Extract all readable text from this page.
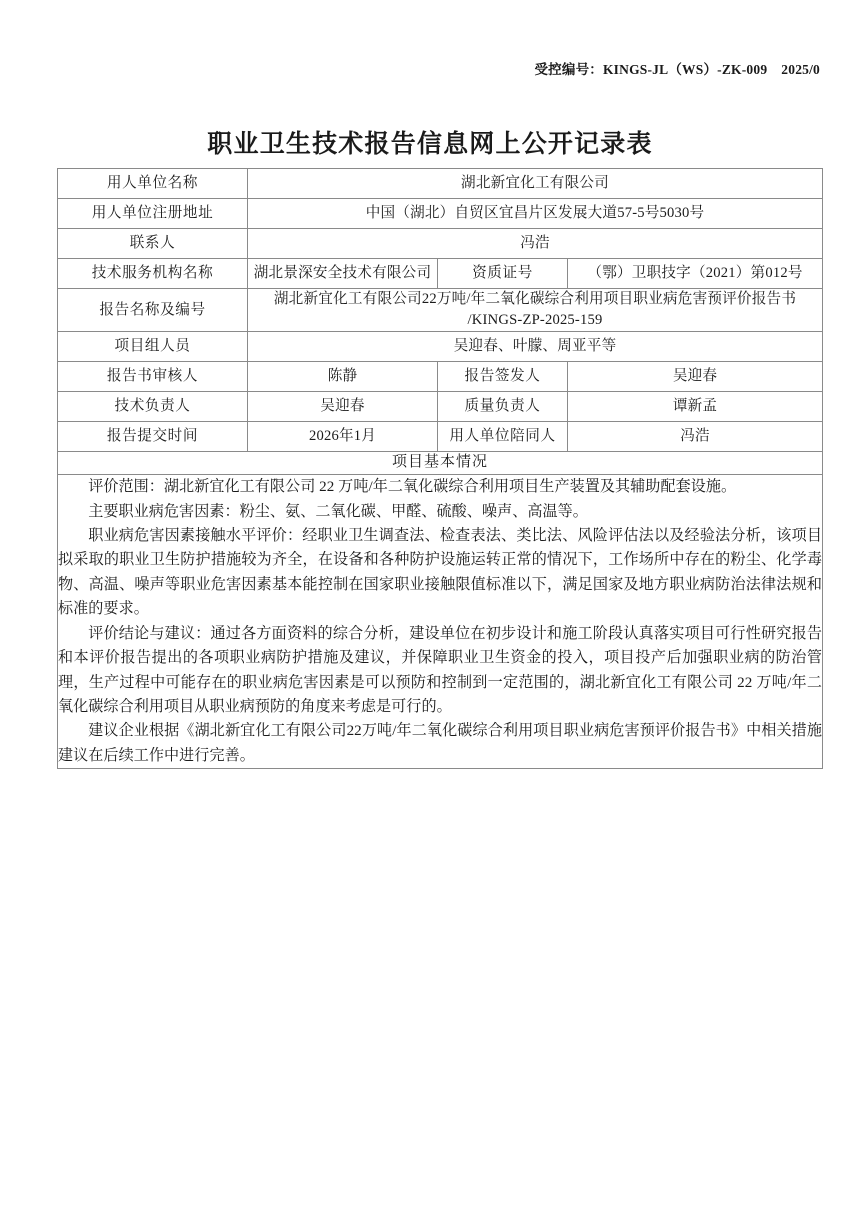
受控编号：KINGS-JL（WS）-ZK-009 2025/0
职业卫生技术报告信息网上公开记录表
用人单位名称	湖北新宜化工有限公司		
用人单位注册地址	中国（湖北）自贸区宜昌片区发展大道57-5号5030号		
联系人	冯浩		
技术服务机构名称	湖北景深安全技术有限公司	资质证号	（鄂）卫职技字（2021）第012号
报告名称及编号	湖北新宜化工有限公司22万吨/年二氧化碳综合利用项目职业病危害预评价报告书
/KINGS-ZP-2025-159		

项目组人员	吴迎春、叶朦、周亚平等		
报告书审核人	陈静	报告签发人	吴迎春
技术负责人	吴迎春	质量负责人	谭新孟
报告提交时间	2026年1月	用人单位陪同人	冯浩
项目基本情况			

评价范围：湖北新宜化工有限公司 22 万吨/年二氧化碳综合利用项目生产装置及其辅助配套设施。

主要职业病危害因素：粉尘、氨、二氧化碳、甲醛、硫酸、噪声、高温等。

职业病危害因素接触水平评价：经职业卫生调查法、检查表法、类比法、风险评估法以及经验法分析，该项目拟采取的职业卫生防护措施较为齐全，在设备和各种防护设施运转正常的情况下，工作场所中存在的粉尘、化学毒物、高温、噪声等职业危害因素基本能控制在国家职业接触限值标准以下，满足国家及地方职业病防治法律法规和标准的要求。

评价结论与建议：通过各方面资料的综合分析，建设单位在初步设计和施工阶段认真落实项目可行性研究报告和本评价报告提出的各项职业病防护措施及建议，并保障职业卫生资金的投入，项目投产后加强职业病的防治管理，生产过程中可能存在的职业病危害因素是可以预防和控制到一定范围的，湖北新宜化工有限公司 22 万吨/年二氧化碳综合利用项目从职业病预防的角度来考虑是可行的。

建议企业根据《湖北新宜化工有限公司22万吨/年二氧化碳综合利用项目职业病危害预评价报告书》中相关措施建议在后续工作中进行完善。			
